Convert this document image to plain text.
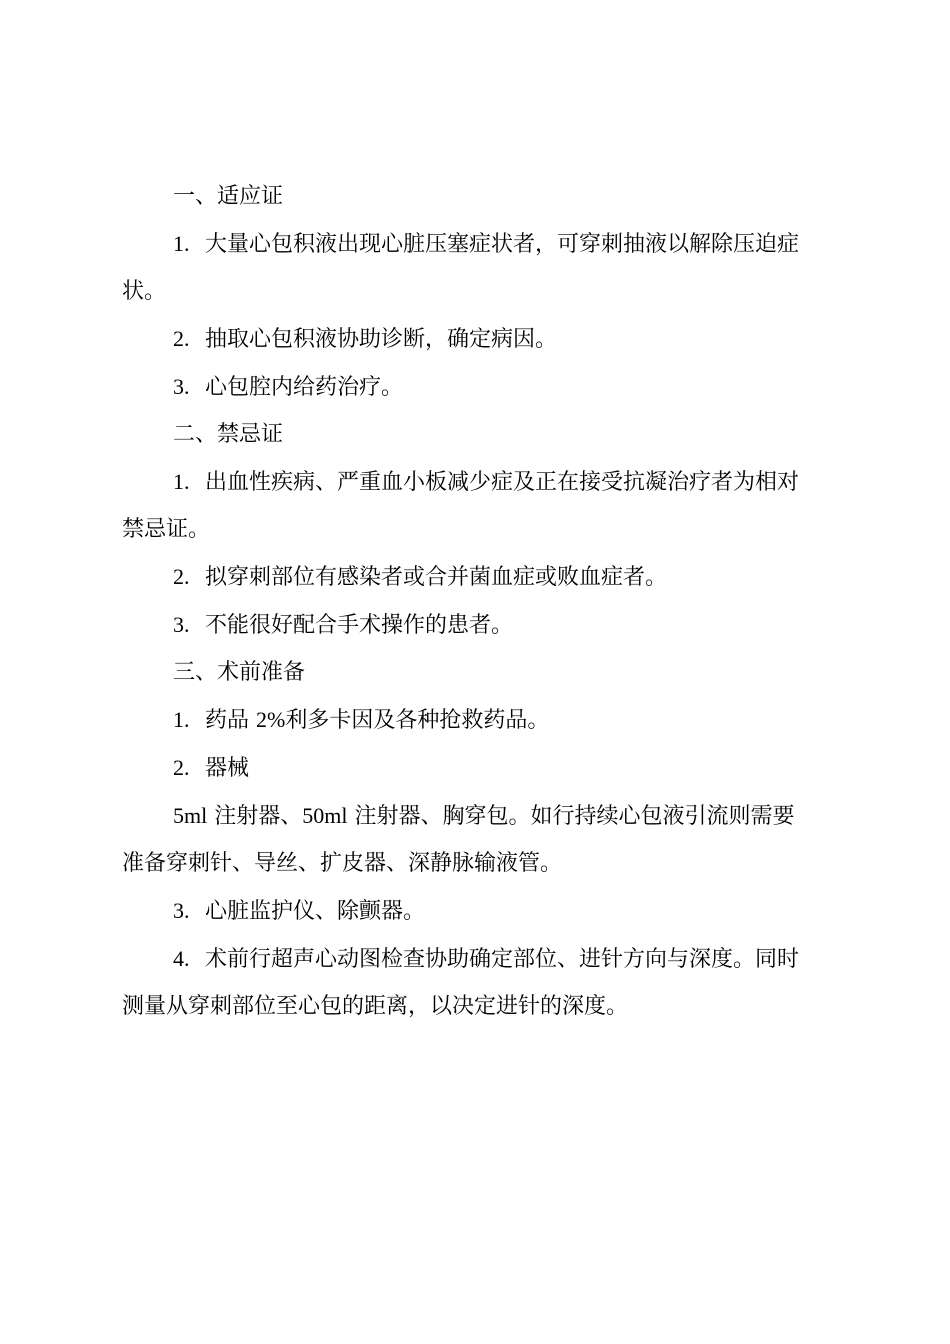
一、适应证

1. 大量心包积液出现心脏压塞症状者，可穿刺抽液以解除压迫症

状。

2. 抽取心包积液协助诊断，确定病因。

3. 心包腔内给药治疗。

二、禁忌证

1. 出血性疾病、严重血小板减少症及正在接受抗凝治疗者为相对

禁忌证。

2. 拟穿刺部位有感染者或合并菌血症或败血症者。

3. 不能很好配合手术操作的患者。

三、术前准备

1. 药品 2%利多卡因及各种抢救药品。

2. 器械

5ml 注射器、50ml 注射器、胸穿包。如行持续心包液引流则需要

准备穿刺针、导丝、扩皮器、深静脉输液管。

3. 心脏监护仪、除颤器。

4. 术前行超声心动图检查协助确定部位、进针方向与深度。同时

测量从穿刺部位至心包的距离，以决定进针的深度。
